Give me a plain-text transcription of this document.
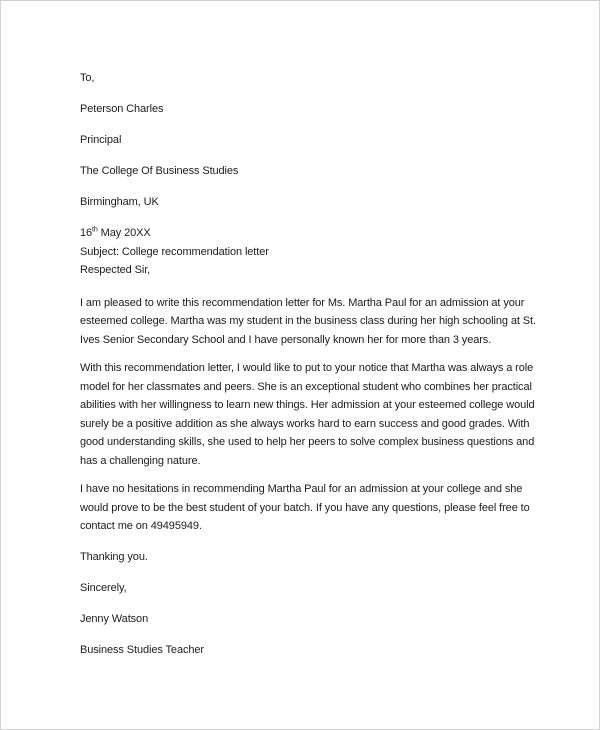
To,
Peterson Charles
Principal
The College Of Business Studies
Birmingham, UK
16th May 20XX
Subject: College recommendation letter
Respected Sir,

I am pleased to write this recommendation letter for Ms. Martha Paul for an admission at your esteemed college. Martha was my student in the business class during her high schooling at St. Ives Senior Secondary School and I have personally known her for more than 3 years.

With this recommendation letter, I would like to put to your notice that Martha was always a role model for her classmates and peers. She is an exceptional student who combines her practical abilities with her willingness to learn new things. Her admission at your esteemed college would surely be a positive addition as she always works hard to earn success and good grades. With good understanding skills, she used to help her peers to solve complex business questions and has a challenging nature.

I have no hesitations in recommending Martha Paul for an admission at your college and she would prove to be the best student of your batch. If you have any questions, please feel free to contact me on 49495949.

Thanking you.
Sincerely,
Jenny Watson
Business Studies Teacher
